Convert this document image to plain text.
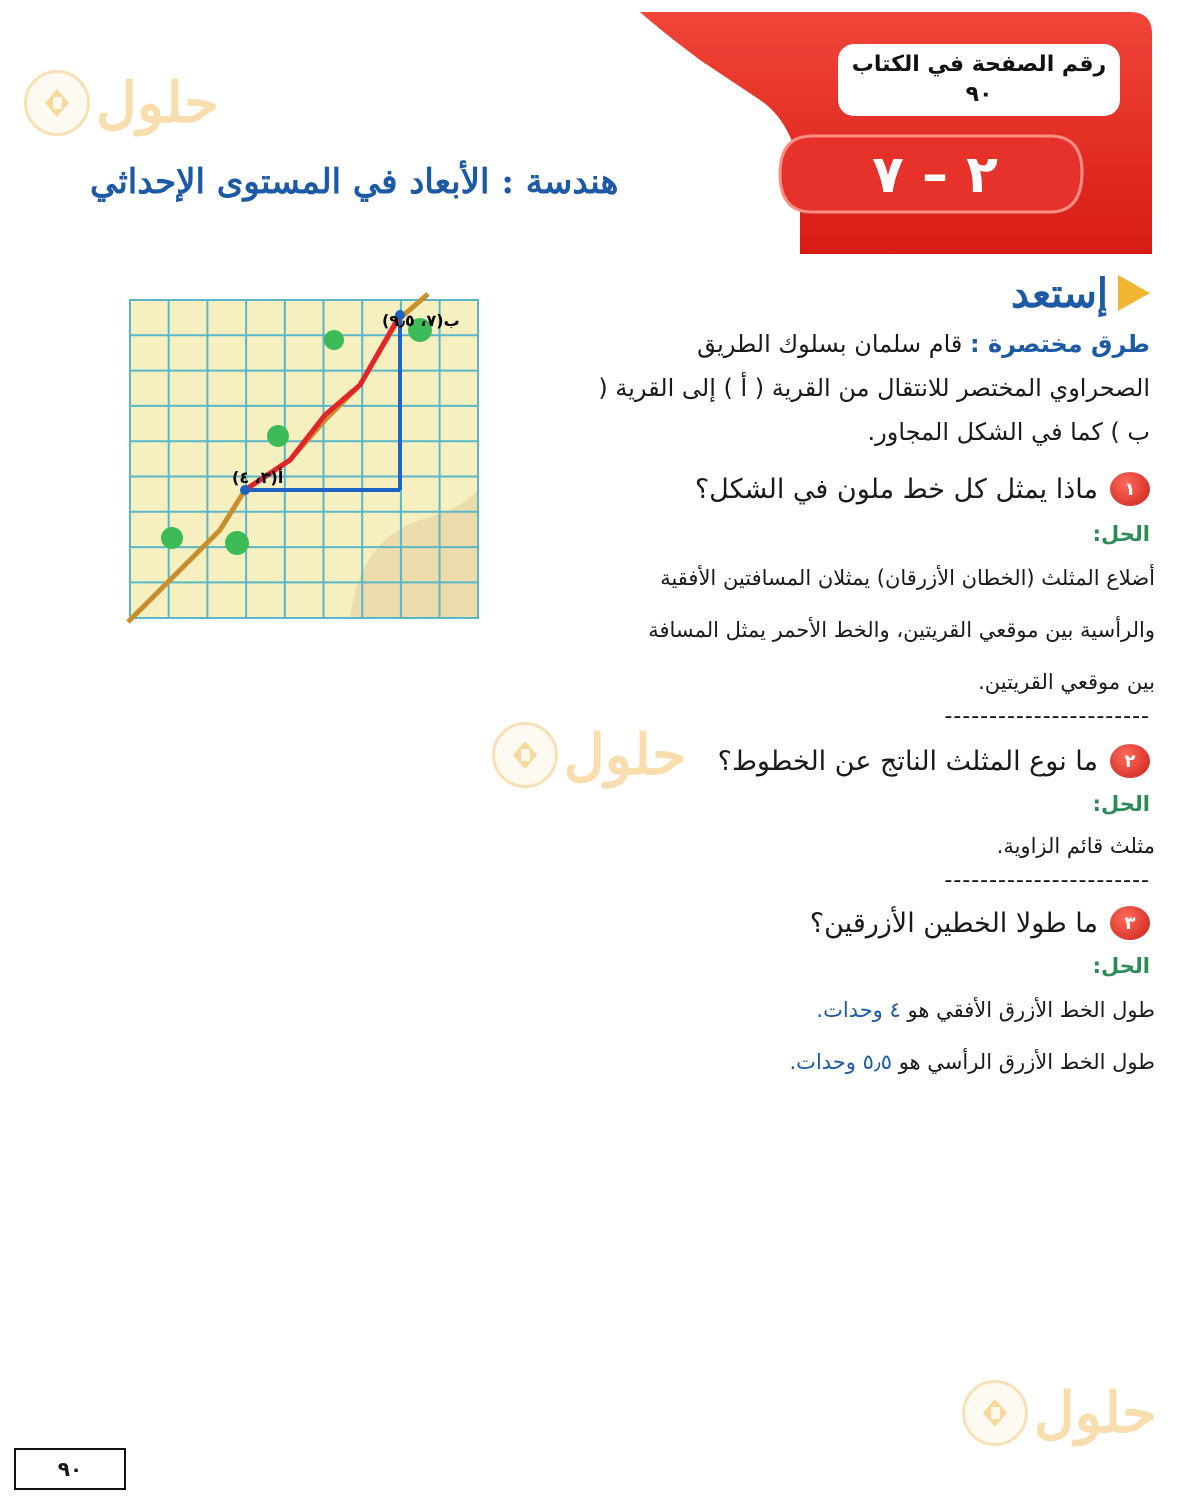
رقم الصفحة في الكتاب
٩٠
٢ – ٧
هندسة : الأبعاد في المستوى الإحداثي
حلول
حلول
حلول
إستعد
طرق مختصرة : قام سلمان بسلوك الطريق الصحراوي المختصر للانتقال من القرية ( أ ) إلى القرية ( ب ) كما في الشكل المجاور.
أ(٣، ٤)
ب(٧، ٩٫٥)
١
ماذا يمثل كل خط ملون في الشكل؟
الحل:
أضلاع المثلث (الخطان الأزرقان) يمثلان المسافتين الأفقية
والرأسية بين موقعي القريتين، والخط الأحمر يمثل المسافة
بين موقعي القريتين.
-----------------------
٢
ما نوع المثلث الناتج عن الخطوط؟
الحل:
مثلث قائم الزاوية.
-----------------------
٣
ما طولا الخطين الأزرقين؟
الحل:
طول الخط الأزرق الأفقي هو ٤ وحدات.
طول الخط الأزرق الرأسي هو ٥٫٥ وحدات.
٩٠
